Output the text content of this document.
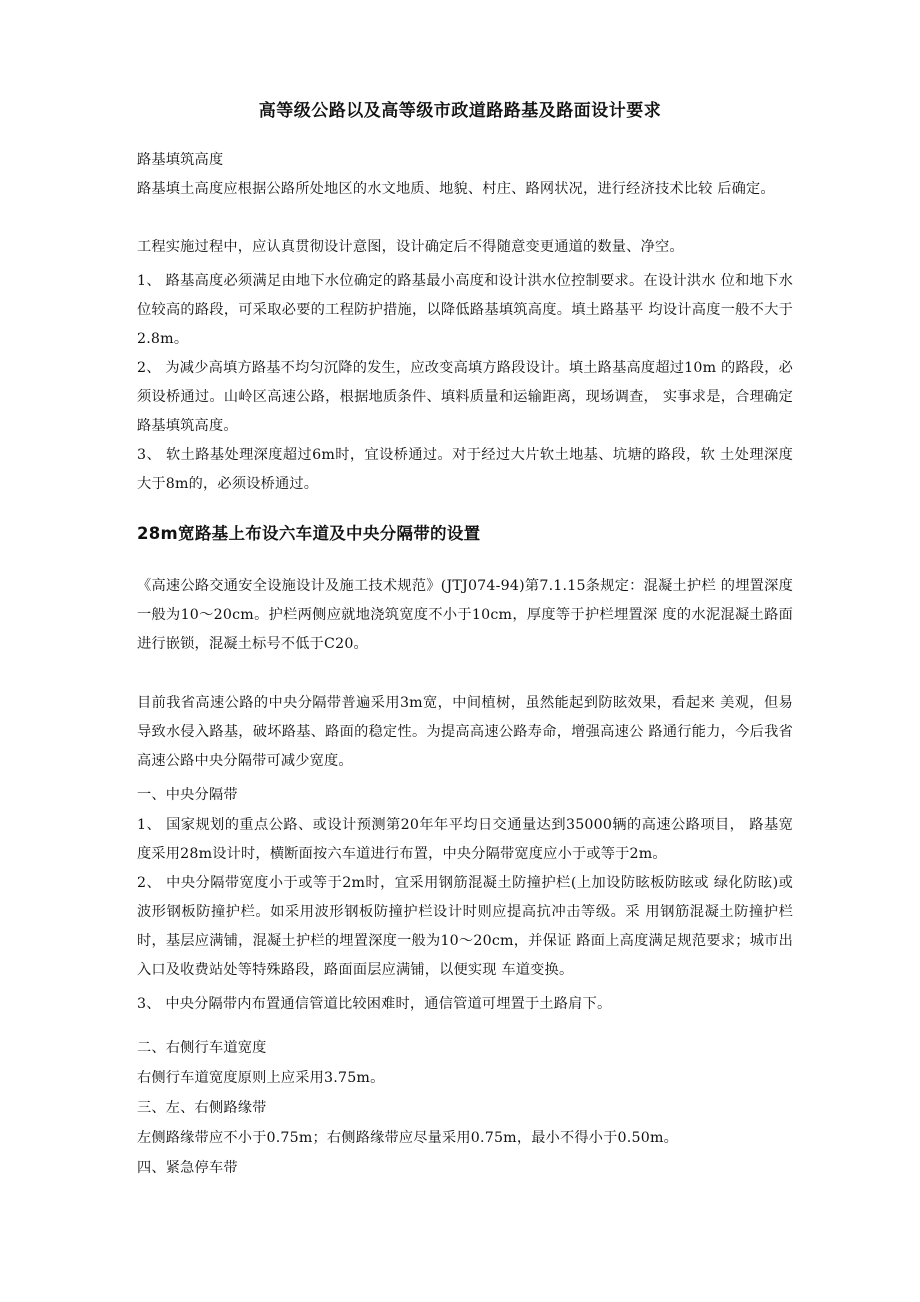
高等级公路以及高等级市政道路路基及路面设计要求

路基填筑高度

路基填土高度应根据公路所处地区的水文地质、地貌、村庄、路网状况，进行经济技术比较 后确定。

工程实施过程中，应认真贯彻设计意图，设计确定后不得随意变更通道的数量、净空。

1、 路基高度必须满足由地下水位确定的路基最小高度和设计洪水位控制要求。在设计洪水 位和地下水位较高的路段，可采取必要的工程防护措施，以降低路基填筑高度。填土路基平 均设计高度一般不大于2.8m。

2、 为减少高填方路基不均匀沉降的发生，应改变高填方路段设计。填土路基高度超过10m 的路段，必须设桥通过。山岭区高速公路，根据地质条件、填料质量和运输距离，现场调查， 实事求是，合理确定路基填筑高度。

3、 软土路基处理深度超过6m时，宜设桥通过。对于经过大片软土地基、坑塘的路段，软 土处理深度大于8m的，必须设桥通过。

28m宽路基上布设六车道及中央分隔带的设置

《高速公路交通安全设施设计及施工技术规范》(JTJ074-94)第7.1.15条规定：混凝土护栏 的埋置深度一般为10〜20cm。护栏两侧应就地浇筑宽度不小于10cm，厚度等于护栏埋置深 度的水泥混凝土路面进行嵌锁，混凝土标号不低于C20。

目前我省高速公路的中央分隔带普遍采用3m宽，中间植树，虽然能起到防眩效果，看起来 美观，但易导致水侵入路基，破坏路基、路面的稳定性。为提高高速公路寿命，增强高速公 路通行能力，今后我省高速公路中央分隔带可减少宽度。

一、中央分隔带

1、 国家规划的重点公路、或设计预测第20年年平均日交通量达到35000辆的高速公路项目， 路基宽度采用28m设计时，横断面按六车道进行布置，中央分隔带宽度应小于或等于2m。

2、 中央分隔带宽度小于或等于2m时，宜采用钢筋混凝土防撞护栏(上加设防眩板防眩或 绿化防眩)或波形钢板防撞护栏。如采用波形钢板防撞护栏设计时则应提高抗冲击等级。采 用钢筋混凝土防撞护栏时，基层应满铺，混凝土护栏的埋置深度一般为10〜20cm，并保证 路面上高度满足规范要求；城市出入口及收费站处等特殊路段，路面面层应满铺，以便实现 车道变换。

3、 中央分隔带内布置通信管道比较困难时，通信管道可埋置于土路肩下。

二、右侧行车道宽度

右侧行车道宽度原则上应采用3.75m。

三、左、右侧路缘带

左侧路缘带应不小于0.75m；右侧路缘带应尽量采用0.75m，最小不得小于0.50m。

四、紧急停车带
